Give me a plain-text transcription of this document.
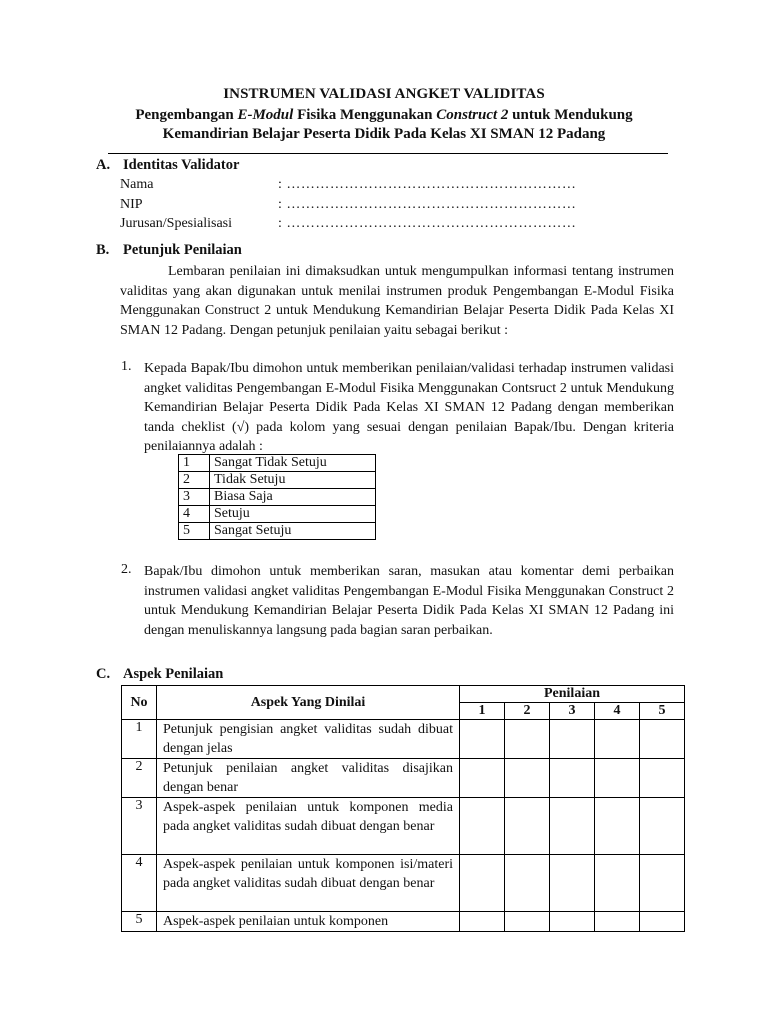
INSTRUMEN VALIDASI ANGKET VALIDITAS
Pengembangan E-Modul Fisika Menggunakan Construct 2 untuk Mendukung
Kemandirian Belajar Peserta Didik Pada Kelas XI SMAN 12 Padang
A. Identitas Validator
Nama	: ……………………………………………………
NIP	: ……………………………………………………
Jurusan/Spesialisasi	: ……………………………………………………
B. Petunjuk Penilaian

Lembaran penilaian ini dimaksudkan untuk mengumpulkan informasi tentang instrumen validitas yang akan digunakan untuk menilai instrumen produk Pengembangan E-Modul Fisika Menggunakan Construct 2 untuk Mendukung Kemandirian Belajar Peserta Didik Pada Kelas XI SMAN 12 Padang. Dengan petunjuk penilaian yaitu sebagai berikut :

1. Kepada Bapak/Ibu dimohon untuk memberikan penilaian/validasi terhadap instrumen validasi angket validitas Pengembangan E-Modul Fisika Menggunakan Contsruct 2 untuk Mendukung Kemandirian Belajar Peserta Didik Pada Kelas XI SMAN 12 Padang dengan memberikan tanda cheklist (√) pada kolom yang sesuai dengan penilaian Bapak/Ibu. Dengan kriteria penilaiannya adalah :

1	Sangat Tidak Setuju
2	Tidak Setuju
3	Biasa Saja
4	Setuju
5	Sangat Setuju
2. Bapak/Ibu dimohon untuk memberikan saran, masukan atau komentar demi perbaikan instrumen validasi angket validitas Pengembangan E-Modul Fisika Menggunakan Construct 2 untuk Mendukung Kemandirian Belajar Peserta Didik Pada Kelas XI SMAN 12 Padang ini dengan menuliskannya langsung pada bagian saran perbaikan.

C. Aspek Penilaian
No	Aspek Yang Dinilai	Penilaian				
		1	2	3	4	5
1	Petunjuk pengisian angket validitas sudah dibuat dengan jelas					
2	Petunjuk penilaian angket validitas disajikan dengan benar					
3	Aspek-aspek penilaian untuk komponen media pada angket validitas sudah dibuat dengan benar					
4	Aspek-aspek penilaian untuk komponen isi/materi pada angket validitas sudah dibuat dengan benar					
5	Aspek-aspek penilaian untuk komponen					
